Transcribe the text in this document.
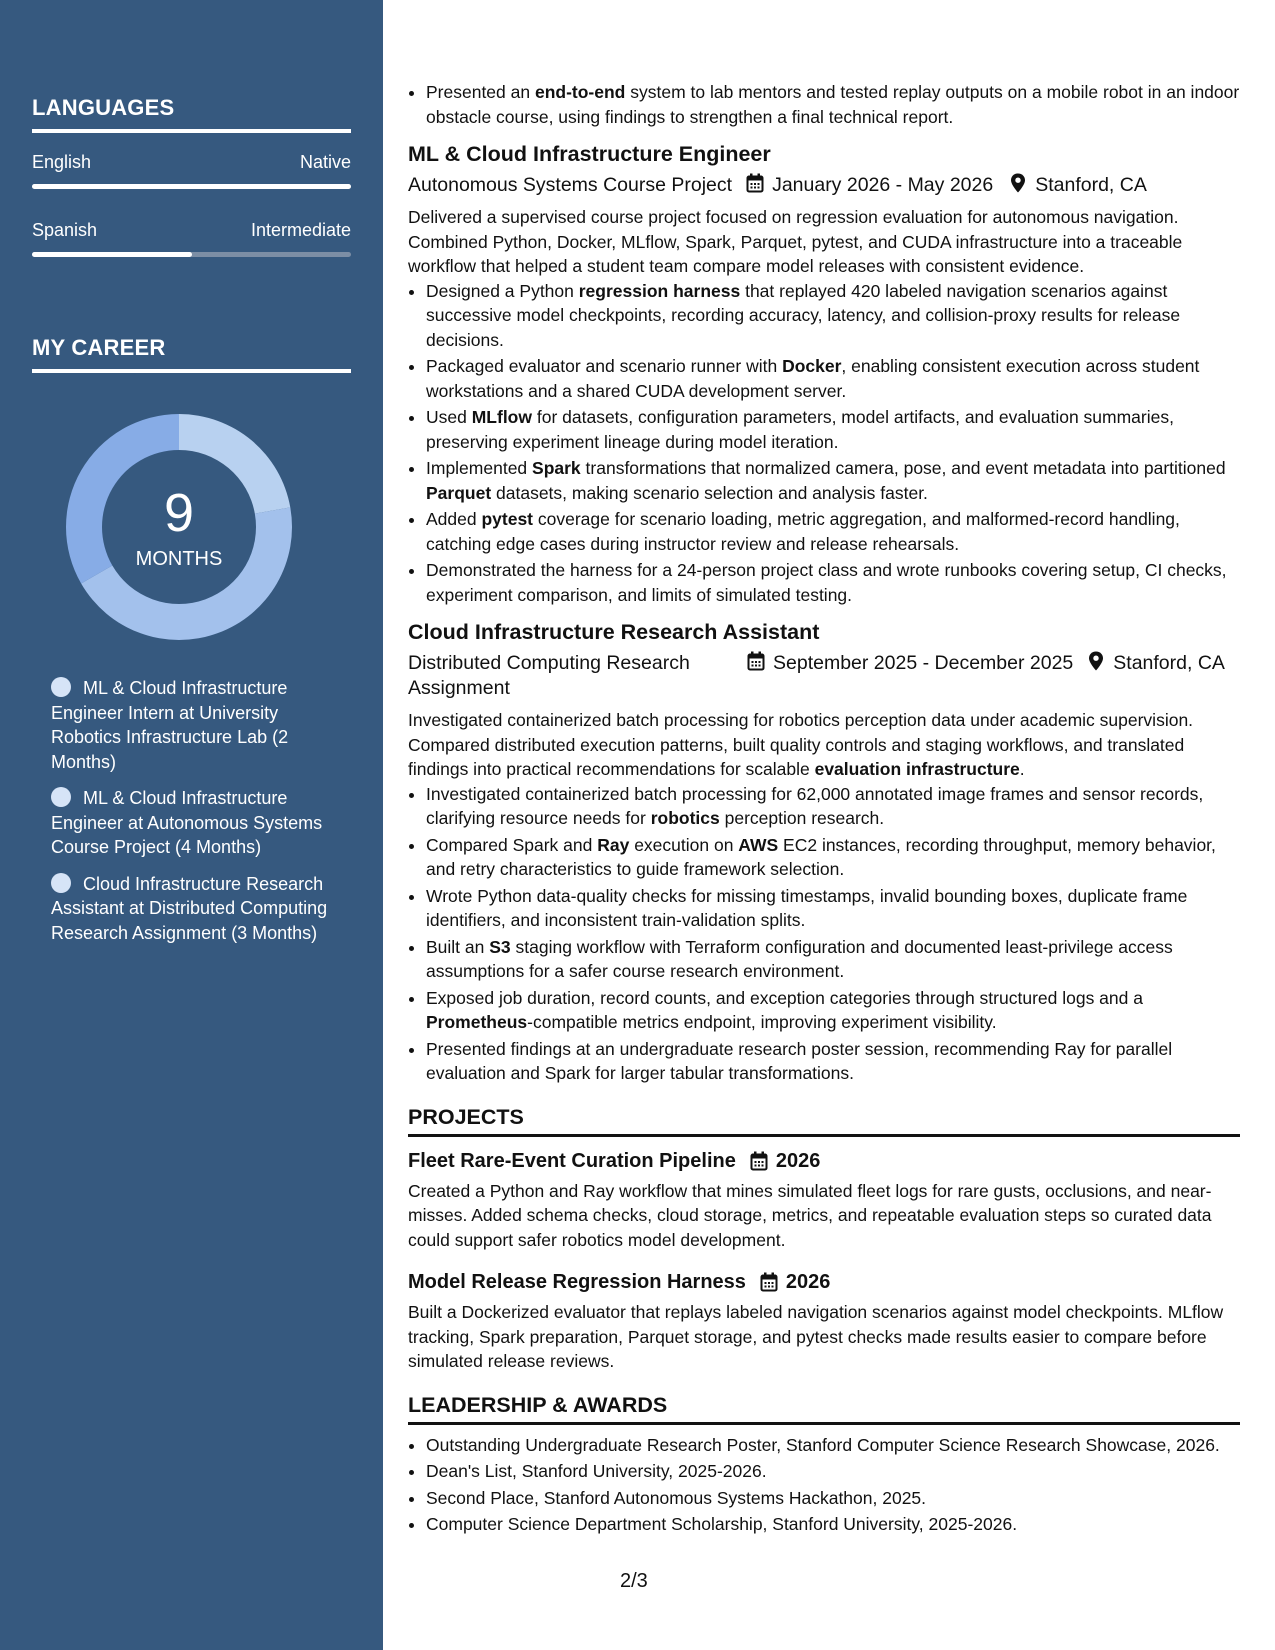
LANGUAGES
English	Native
Spanish	Intermediate
MY CAREER
9
MONTHS
ML & Cloud Infrastructure Engineer Intern at University Robotics Infrastructure Lab (2 Months)
ML & Cloud Infrastructure Engineer at Autonomous Systems Course Project (4 Months)
Cloud Infrastructure Research Assistant at Distributed Computing Research Assignment (3 Months)
• Presented an end-to-end system to lab mentors and tested replay outputs on a mobile robot in an indoor obstacle course, using findings to strengthen a final technical report.
ML & Cloud Infrastructure Engineer
Autonomous Systems Course Project January 2026 - May 2026 Stanford, CA
Delivered a supervised course project focused on regression evaluation for autonomous navigation. Combined Python, Docker, MLflow, Spark, Parquet, pytest, and CUDA infrastructure into a traceable workflow that helped a student team compare model releases with consistent evidence.
• Designed a Python regression harness that replayed 420 labeled navigation scenarios against successive model checkpoints, recording accuracy, latency, and collision-proxy results for release decisions.
• Packaged evaluator and scenario runner with Docker, enabling consistent execution across student workstations and a shared CUDA development server.
• Used MLflow for datasets, configuration parameters, model artifacts, and evaluation summaries, preserving experiment lineage during model iteration.
• Implemented Spark transformations that normalized camera, pose, and event metadata into partitioned Parquet datasets, making scenario selection and analysis faster.
• Added pytest coverage for scenario loading, metric aggregation, and malformed-record handling, catching edge cases during instructor review and release rehearsals.
• Demonstrated the harness for a 24-person project class and wrote runbooks covering setup, CI checks, experiment comparison, and limits of simulated testing.
Cloud Infrastructure Research Assistant
Distributed Computing Research Assignment
September 2025 - December 2025 Stanford, CA
Investigated containerized batch processing for robotics perception data under academic supervision. Compared distributed execution patterns, built quality controls and staging workflows, and translated findings into practical recommendations for scalable evaluation infrastructure.
• Investigated containerized batch processing for 62,000 annotated image frames and sensor records, clarifying resource needs for robotics perception research.
• Compared Spark and Ray execution on AWS EC2 instances, recording throughput, memory behavior, and retry characteristics to guide framework selection.
• Wrote Python data-quality checks for missing timestamps, invalid bounding boxes, duplicate frame identifiers, and inconsistent train-validation splits.
• Built an S3 staging workflow with Terraform configuration and documented least-privilege access assumptions for a safer course research environment.
• Exposed job duration, record counts, and exception categories through structured logs and a Prometheus-compatible metrics endpoint, improving experiment visibility.
• Presented findings at an undergraduate research poster session, recommending Ray for parallel evaluation and Spark for larger tabular transformations.
PROJECTS
Fleet Rare-Event Curation Pipeline 2026
Created a Python and Ray workflow that mines simulated fleet logs for rare gusts, occlusions, and near-misses. Added schema checks, cloud storage, metrics, and repeatable evaluation steps so curated data could support safer robotics model development.
Model Release Regression Harness 2026
Built a Dockerized evaluator that replays labeled navigation scenarios against model checkpoints. MLflow tracking, Spark preparation, Parquet storage, and pytest checks made results easier to compare before simulated release reviews.
LEADERSHIP & AWARDS
• Outstanding Undergraduate Research Poster, Stanford Computer Science Research Showcase, 2026.
• Dean's List, Stanford University, 2025-2026.
• Second Place, Stanford Autonomous Systems Hackathon, 2025.
• Computer Science Department Scholarship, Stanford University, 2025-2026.
2/3
